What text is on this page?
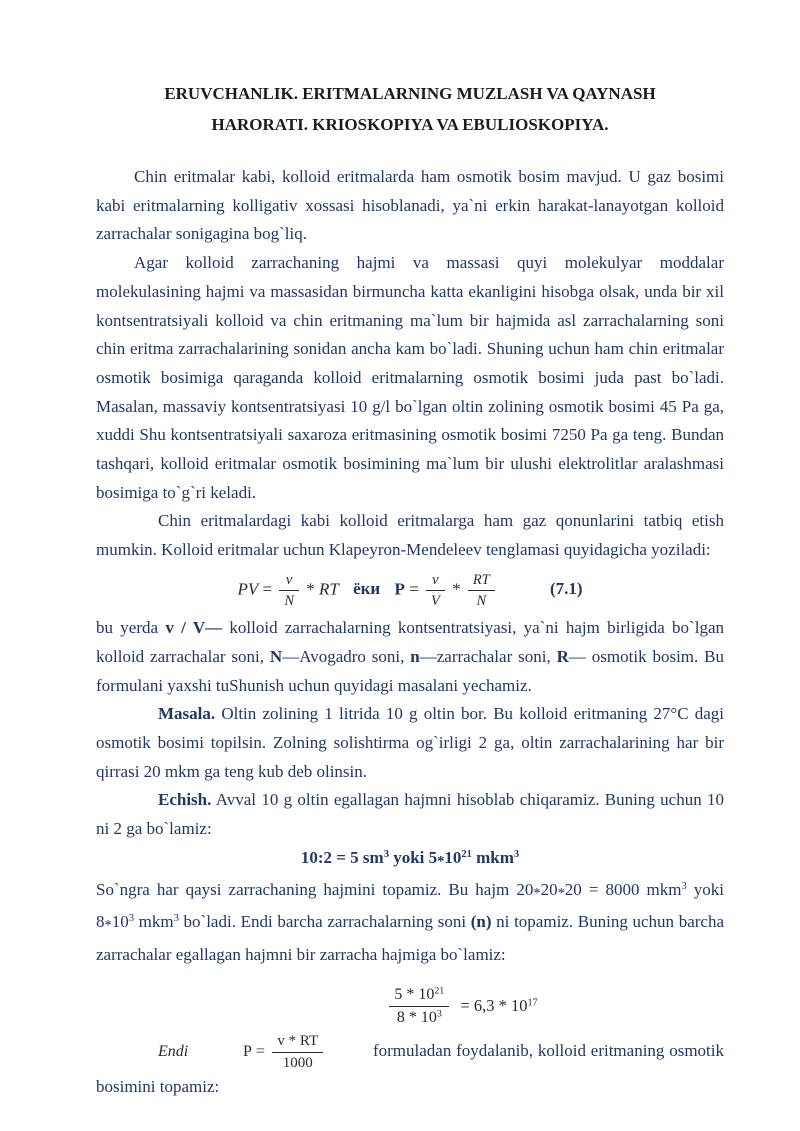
ERUVCHANLIK. ERITMALARNING MUZLASH VA QAYNASH
HARORATI. KRIOSKOPIYA VA EBULIOSKOPIYA.

Chin eritmalar kabi, kolloid eritmalarda ham osmotik bosim mavjud. U gaz bosimi kabi eritmalarning kolligativ xossasi hisoblanadi, ya`ni erkin harakat-lanayotgan kolloid zarrachalar sonigagina bog`liq.

Agar kolloid zarrachaning hajmi va massasi quyi molekulyar moddalar molekulasining hajmi va massasidan birmuncha katta ekanligini hisobga olsak, unda bir xil kontsentratsiyali kolloid va chin eritmaning ma`lum bir hajmida asl zarrachalarning soni chin eritma zarrachalarining sonidan ancha kam bo`ladi. Shuning uchun ham chin eritmalar osmotik bosimiga qaraganda kolloid eritmalarning osmotik bosimi juda past bo`ladi. Masalan, massaviy kontsentratsiyasi 10 g/l bo`lgan oltin zolining osmotik bosimi 45 Pa ga, xuddi Shu kontsentratsiyali saxaroza eritmasining osmotik bosimi 7250 Pa ga teng. Bundan tashqari, kolloid eritmalar osmotik bosimining ma`lum bir ulushi elektrolitlar aralashmasi bosimiga to`g`ri keladi.

Chin eritmalardagi kabi kolloid eritmalarga ham gaz qonunlarini tatbiq etish mumkin. Kolloid eritmalar uchun Klapeyron-Mendeleev tenglamasi quyidagicha yoziladi:

PV = $\frac{v}{N}$ * RT ёки $P = \frac{v}{V} * \frac{RT}{N}$	(7.1)

bu yerda v / V— kolloid zarrachalarning kontsentratsiyasi, ya`ni hajm birligida bo`lgan kolloid zarrachalar soni, N—Avogadro soni, n—zarrachalar soni, R— osmotik bosim. Bu formulani yaxshi tuShunish uchun quyidagi masalani yechamiz.

Masala. Oltin zolining 1 litrida 10 g oltin bor. Bu kolloid eritmaning 27°C dagi osmotik bosimi topilsin. Zolning solishtirma og`irligi 2 ga, oltin zarrachalarining har bir qirrasi 20 mkm ga teng kub deb olinsin.

Echish. Avval 10 g oltin egallagan hajmni hisoblab chiqaramiz. Buning uchun 10 ni 2 ga bo`lamiz:

10:2 = 5 $sm^3$ yoki $5*10^{21}$ mkm$^3$

So`ngra har qaysi zarrachaning hajmini topamiz. Bu hajm 20*20*20 = 8000 mkm$^3$ yoki $8*10^3$ mkm$^3$ bo`ladi. Endi barcha zarrachalarning soni (n) ni topamiz. Buning uchun barcha zarrachalar egallagan hajmni bir zarracha hajmiga bo`lamiz:

$\frac{5 * 10^{21}}{8 * 10^3} = 6,3 * 10^{17}$

Endi	$P = \frac{v * RT}{1000}$	formuladan foydalanib, kolloid eritmaning osmotik bosimini topamiz:
